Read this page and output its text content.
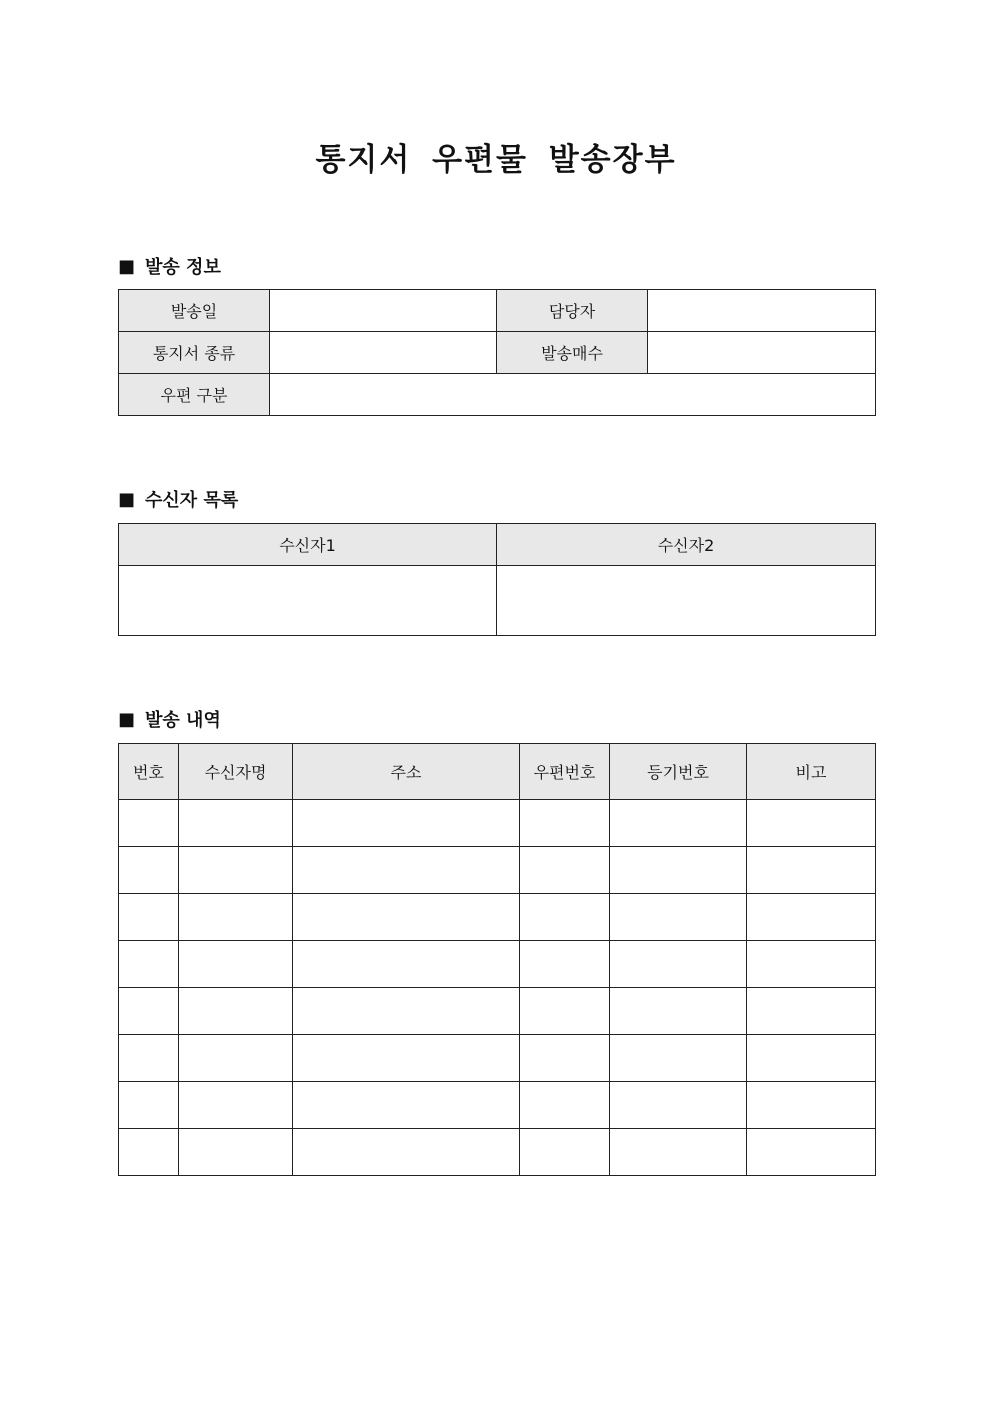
통지서 우편물 발송장부
■ 발송 정보
발송일		담당자	
통지서 종류		발송매수	
우편 구분			
■ 수신자 목록
수신자1	수신자2

■ 발송 내역
번호	수신자명	주소	우편번호	등기번호	비고
